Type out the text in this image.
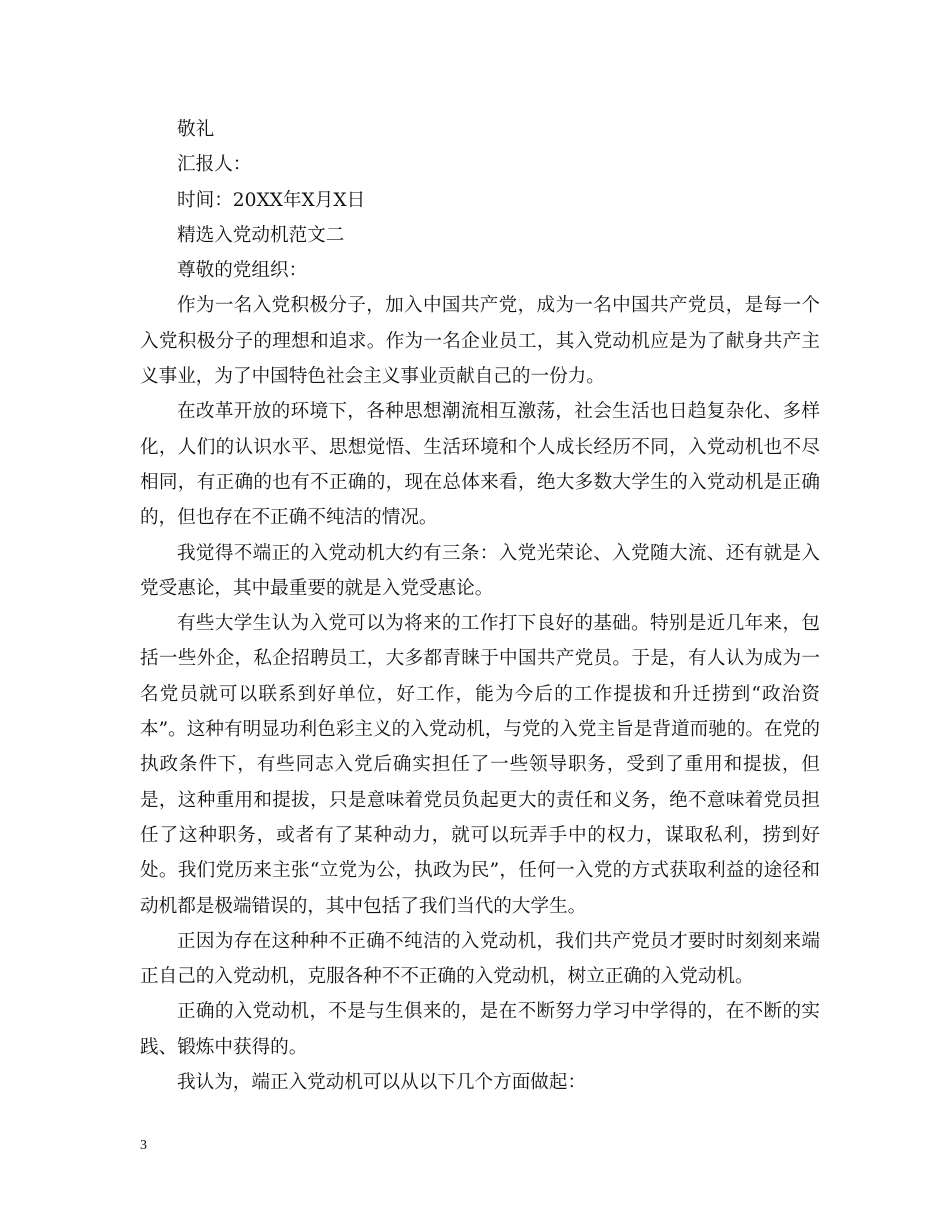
敬礼

汇报人：

时间：20XX年X月X日

精选入党动机范文二

尊敬的党组织：

作为一名入党积极分子，加入中国共产党，成为一名中国共产党员，是每一个入党积极分子的理想和追求。作为一名企业员工，其入党动机应是为了献身共产主义事业，为了中国特色社会主义事业贡献自己的一份力。

在改革开放的环境下，各种思想潮流相互激荡，社会生活也日趋复杂化、多样化，人们的认识水平、思想觉悟、生活环境和个人成长经历不同，入党动机也不尽相同，有正确的也有不正确的，现在总体来看，绝大多数大学生的入党动机是正确的，但也存在不正确不纯洁的情况。

我觉得不端正的入党动机大约有三条：入党光荣论、入党随大流、还有就是入党受惠论，其中最重要的就是入党受惠论。

有些大学生认为入党可以为将来的工作打下良好的基础。特别是近几年来，包括一些外企，私企招聘员工，大多都青睐于中国共产党员。于是，有人认为成为一名党员就可以联系到好单位，好工作，能为今后的工作提拔和升迁捞到“政治资本”。这种有明显功利色彩主义的入党动机，与党的入党主旨是背道而驰的。在党的执政条件下，有些同志入党后确实担任了一些领导职务，受到了重用和提拔，但是，这种重用和提拔，只是意味着党员负起更大的责任和义务，绝不意味着党员担任了这种职务，或者有了某种动力，就可以玩弄手中的权力，谋取私利，捞到好处。我们党历来主张“立党为公，执政为民”，任何一入党的方式获取利益的途径和动机都是极端错误的，其中包括了我们当代的大学生。

正因为存在这种种不正确不纯洁的入党动机，我们共产党员才要时时刻刻来端正自己的入党动机，克服各种不不正确的入党动机，树立正确的入党动机。

正确的入党动机，不是与生俱来的，是在不断努力学习中学得的，在不断的实践、锻炼中获得的。

我认为，端正入党动机可以从以下几个方面做起：

3
